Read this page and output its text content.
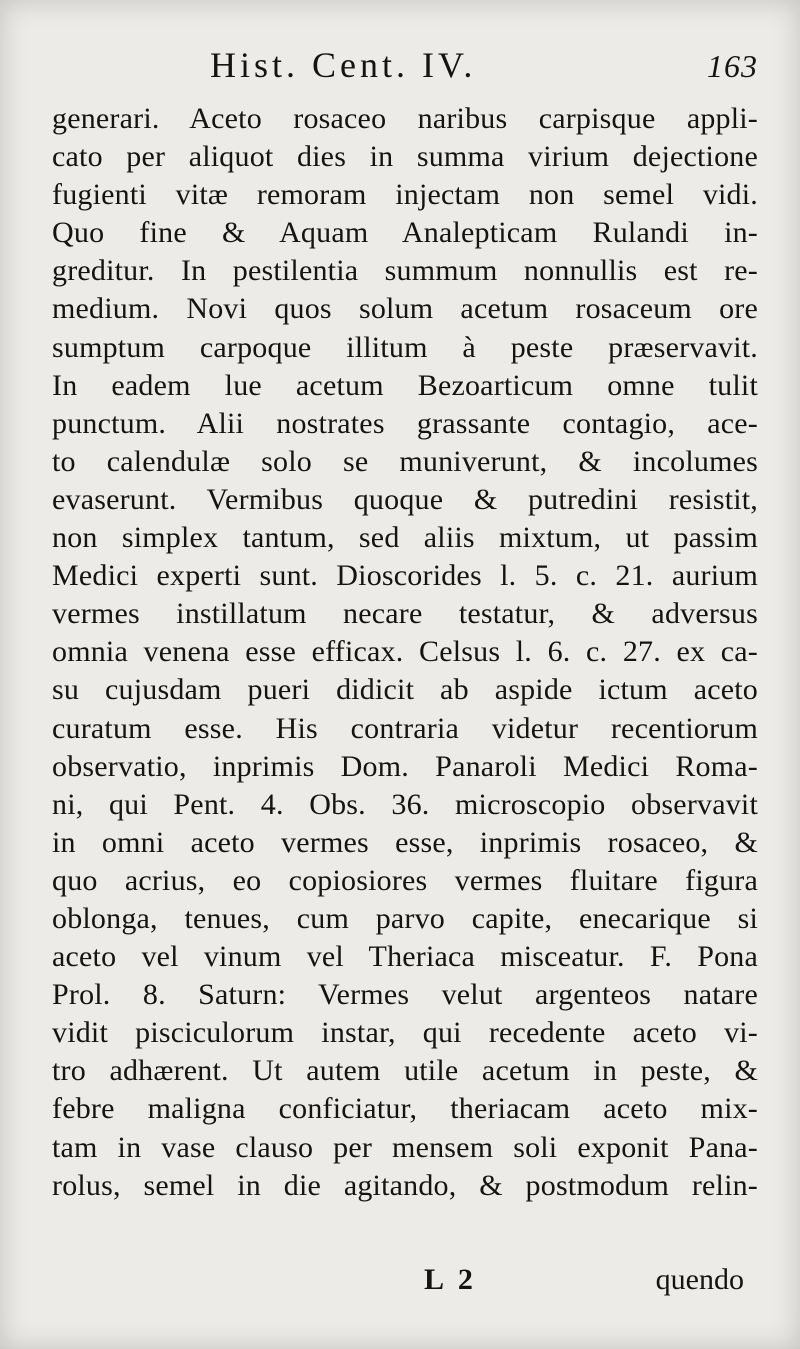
Hist. Cent. IV.	163
generari. Aceto rosaceo naribus carpisque appli-
cato per aliquot dies in summa virium dejectione
fugienti vitæ remoram injectam non semel vidi.
Quo fine & Aquam Analepticam Rulandi in-
greditur. In pestilentia summum nonnullis est re-
medium. Novi quos solum acetum rosaceum ore
sumptum carpoque illitum à peste præservavit.
In eadem lue acetum Bezoarticum omne tulit
punctum. Alii nostrates grassante contagio, ace-
to calendulæ solo se muniverunt, & incolumes
evaserunt. Vermibus quoque & putredini resistit,
non simplex tantum, sed aliis mixtum, ut passim
Medici experti sunt. Dioscorides l. 5. c. 21. aurium
vermes instillatum necare testatur, & adversus
omnia venena esse efficax. Celsus l. 6. c. 27. ex ca-
su cujusdam pueri didicit ab aspide ictum aceto
curatum esse. His contraria videtur recentiorum
observatio, inprimis Dom. Panaroli Medici Roma-
ni, qui Pent. 4. Obs. 36. microscopio observavit
in omni aceto vermes esse, inprimis rosaceo, &
quo acrius, eo copiosiores vermes fluitare figura
oblonga, tenues, cum parvo capite, enecarique si
aceto vel vinum vel Theriaca misceatur. F. Pona
Prol. 8. Saturn: Vermes velut argenteos natare
vidit pisciculorum instar, qui recedente aceto vi-
tro adhærent. Ut autem utile acetum in peste, &
febre maligna conficiatur, theriacam aceto mix-
tam in vase clauso per mensem soli exponit Pana-
rolus, semel in die agitando, & postmodum relin-
L 2	quendo
